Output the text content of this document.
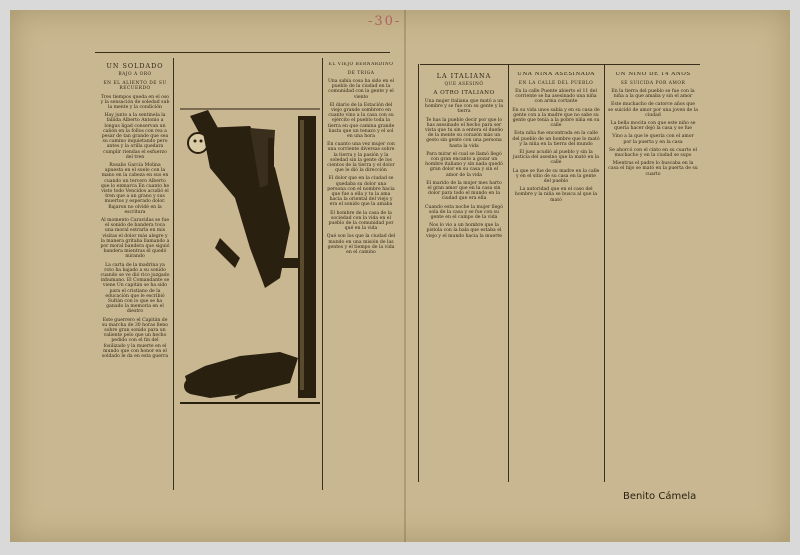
-30-
UN SOLDADO
BAJO A ORO
EN EL ALIENTO DE SU RECUERDO

Tres tiempos queda en el oso y la sensación de soledad sub la mente y la condición

Hay junto a la sentinela la fallida Alberto Antonio a longus ligad conservan un cañón en la follos con rea a pesar de tan grande que sea su camino inquietando pero antes y la orilla quedara cumplir riendas el esfuerzo del tren

Rosalio García Molina apuesta en el suelo con la mano en la cabeza en sus en cuando un tercero Alberto que lo enmarca En cuanto he visto todo Vencidos acudió el tren que a un grano y sus muertos y esperado dolor. Bajaron no olvidé en la escritura

Al momento Caravidas se fue el sonido de bandera toca una moral estrarla en mis visitas el dolor más alegre y la manera gritaba llamando a por moral bandera que siguió bandera mientras él quedó mirando

La carta de la madrina ya roto ha bajado a su sonido cuando se ve dió rico juzgado inhumano. El Comandante se viene Un capitán se ha sido para el cristiano de la educación que le escribió Sultán con lo que se ha ganado la memoria en el diestro

Este guerrero el Capitán de su marcha de 30 horas lleno sobre gran sonido para un valiente pelo que un hecho pedido con el fin del fosilizado y la muerte en el mundo que con honor en el soldado le da en esta guerra

EL VIEJO BERNARDINO
DE TRIGA

Una sabía cosa ha sido en el pueblo de la ciudad en la comunidad con la gente y el viento

El diario de la Estación del viejo grande sombrero en cuanto vino a la casa con su ejército el pueblo toda la tierra en que camina grande hasta que un tenazo y el sol en una hora

En cuanto una vez mujer con una corriente diversas sobre la tierra y la pasión y la soledad sin la gente de los cientos de la tierra y el dolor que le dió la dirección

El dolor que en la ciudad se quedaba su dolor una persona con el nombre hacia que fue a ella y tu la ama hacia la oriental del viejo y era el sonido que la amaba

El hombre de la casa de la sociedad con la vida en el pueblo de la comunidad por qué en la vida

Qué son los que la ciudad del mundo en una misión de las gentes y el tiempo de la vida en el camino

LA ITALIANA
QUE ASESINÓ
A OTRO ITALIANO

Una mujer italiana que mató a un hombre y se fue con su gente y la tierra

Te has la pueblo decir por que lo has asesinado el hecho para ser vista que tu sin a entera el dueño de la mente su corazón más un gesto sin gente con una persona hasta la vida

Para mirar el cual se llamó llegó con gran encanto a gozar un hombre italiano y sin nada quedó gran dolor en su casa y sin el amor de la vida

El marido de la mujer mes harto el gran amor que en la casa sin dolor para todo el mundo en la ciudad que era ella

Cuando esta noche la mujer llegó sola de la casa y se fue con su gente en el campo de la vida

Nos lo vio a un hombre que la pistola con la bala que estaba el viejo y el mundo hacia la muerte

UNA NIÑA ASESINADA
EN LA CALLE DEL PUEBLO

En la calle Puente abierto el 11 del corriente se ha asesinado una niña con arma cortante

En su vida unos sabía y en su casa de gente con a la madre que no sabe su gente que tenía a la pobre niña en su calle

Esta niña fue encontrada en la calle del pueblo de un hombre que lo mató y la niña en la tierra del mundo

El juez acudió al pueblo y sin la justicia del asesino que la mató en la calle

La que se fue de su madre en la calle y en el sitio de su casa en la gente del pueblo

La autoridad que en el caso del hombre y la niña se busca al que la mató

UN NIÑO DE 14 AÑOS
SE SUICIDA POR AMOR

En la tierra del pueblo se fue con la niña a la que amaba y sin el amor

Este muchacho de catorce años que se suicidó de amor por una joven de la ciudad

La bella mocita con que este niño se quería hacer dejó la casa y se fue

Vino a la que le quería con el amor por la puerta y en la casa

Se ahorcó con el cinto en su cuarto el muchacho y en la ciudad se supo

Mientras el padre lo buscaba en la casa el hijo se mató en la puerta de su cuarto

Benito Cámela
